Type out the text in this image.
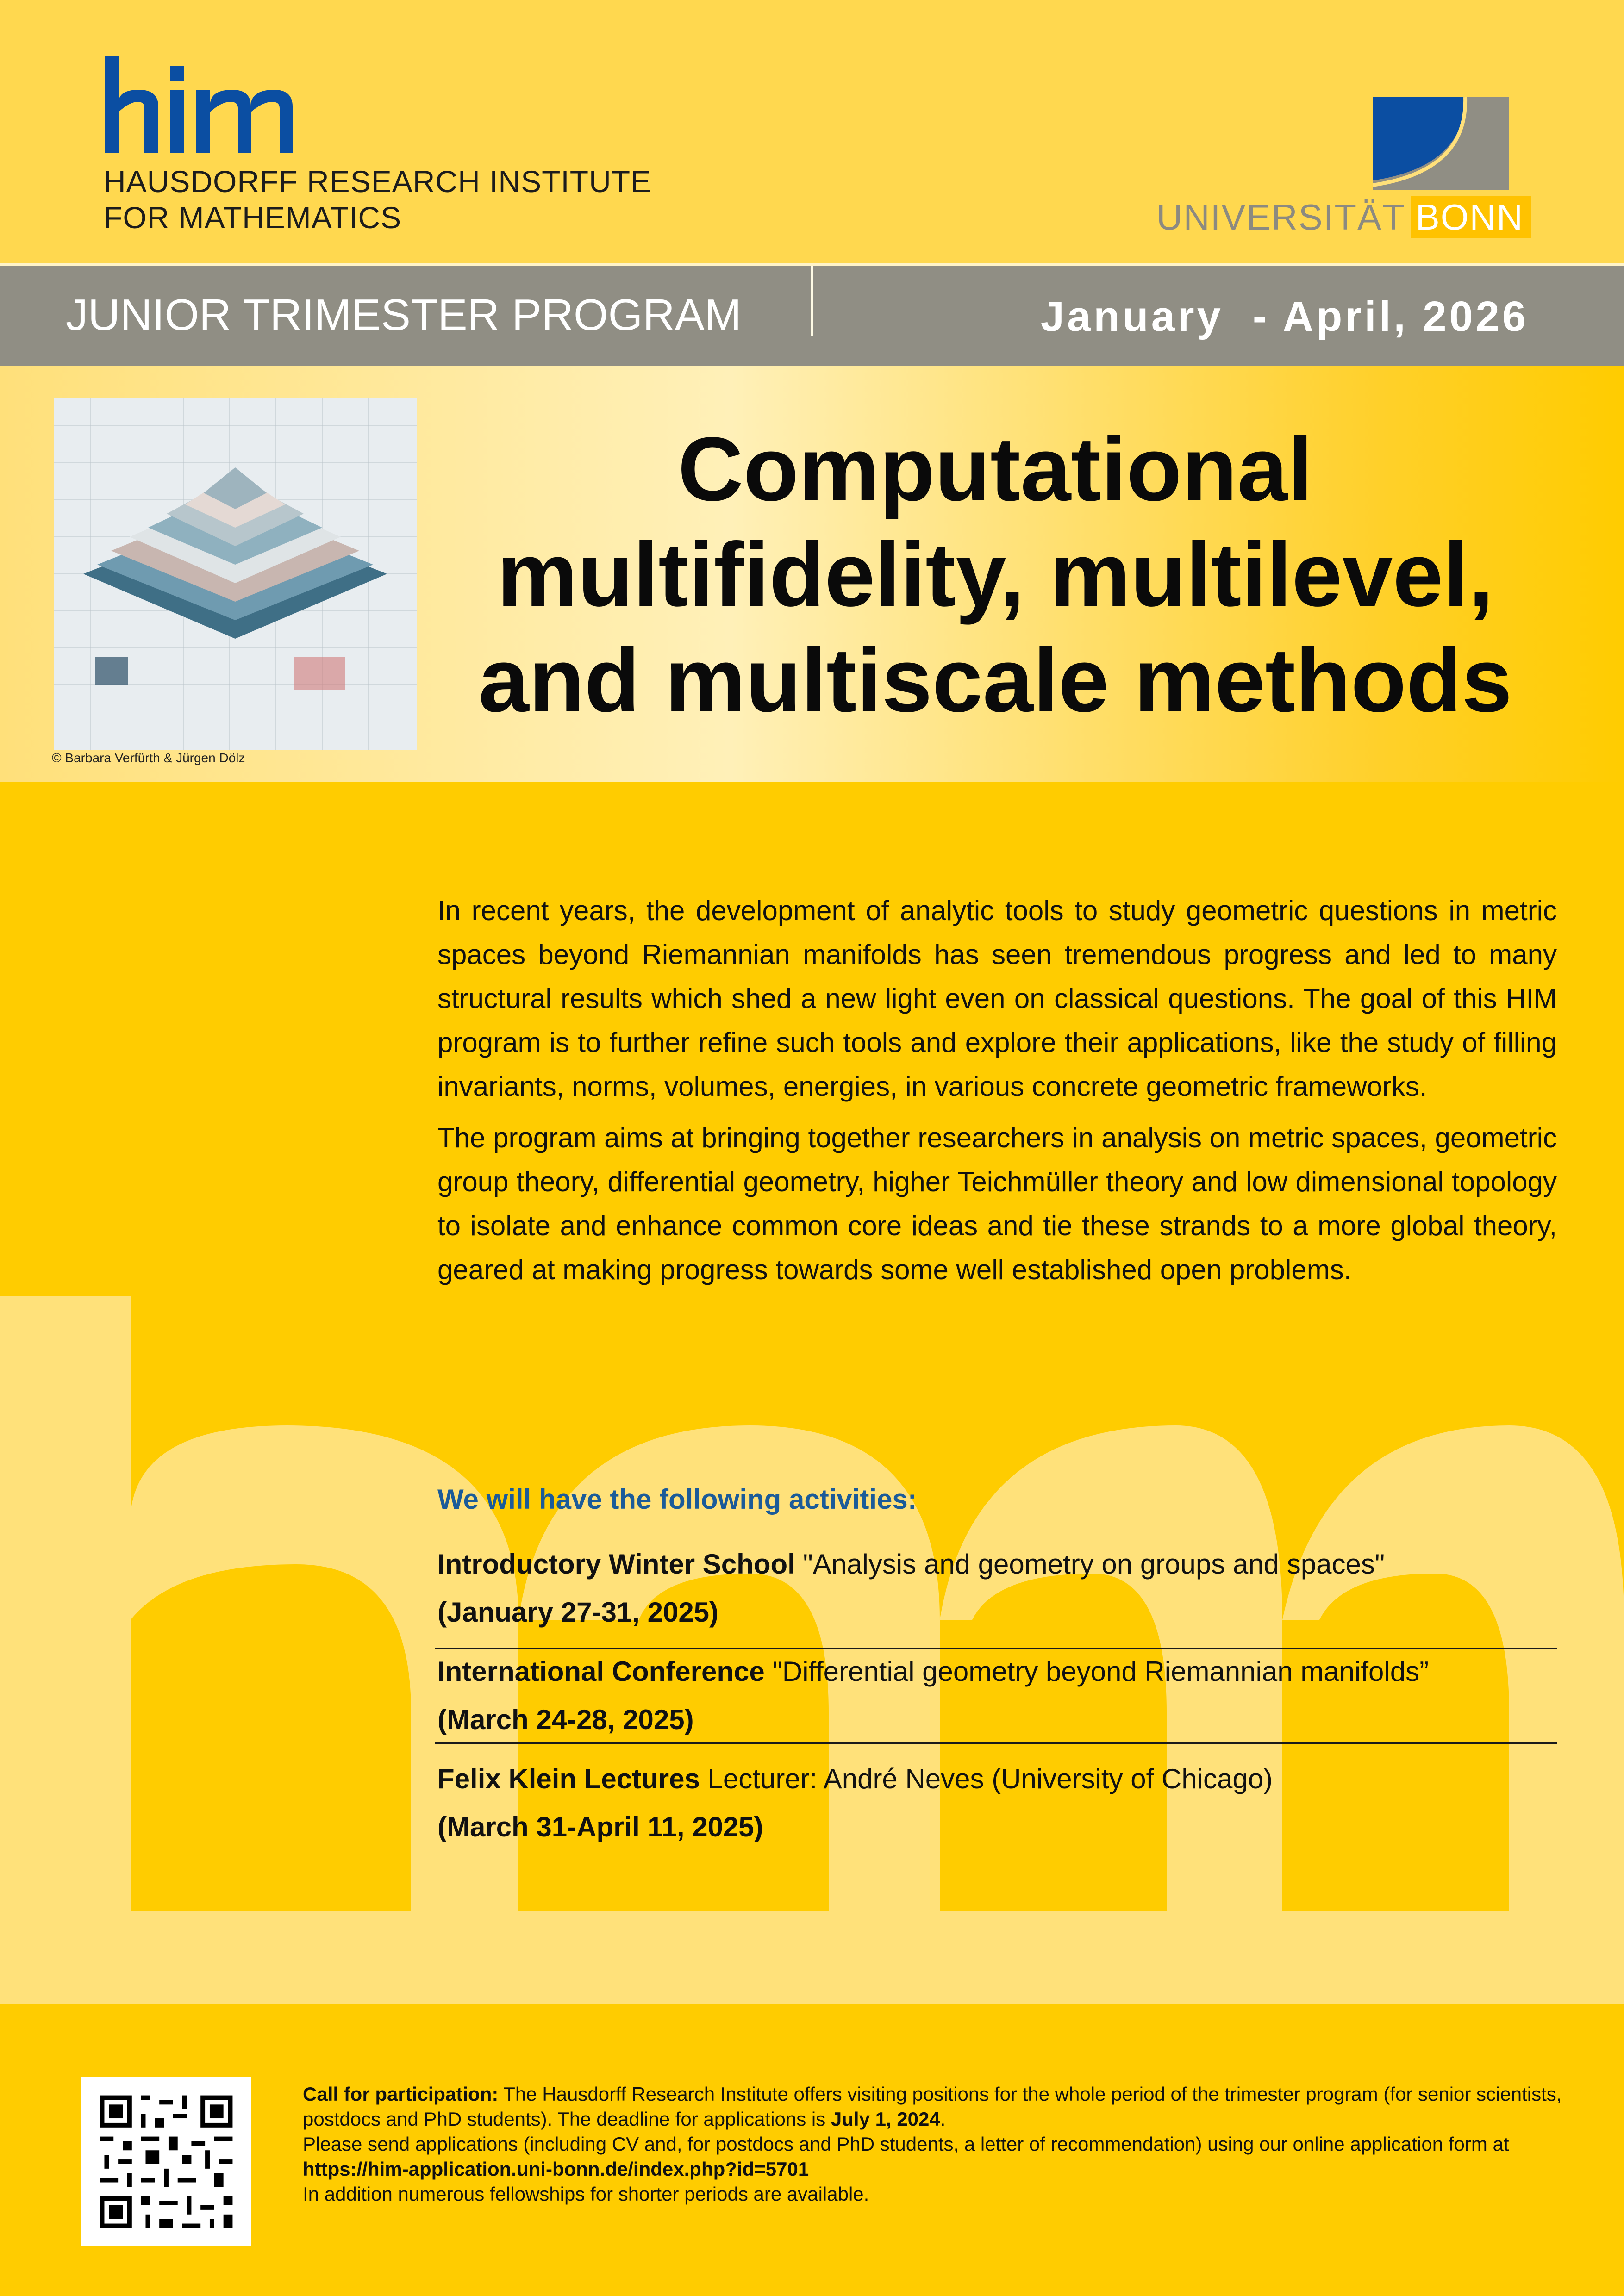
HAUSDORFF RESEARCH INSTITUTE
FOR MATHEMATICS	UNIVERSITÄT BONN
JUNIOR TRIMESTER PROGRAM	January  - April, 2026
© Barbara Verfürth & Jürgen Dölz
Computational
multifidelity, multilevel,
and multiscale methods

In recent years, the development of analytic tools to study geometric questions in metric spaces beyond Riemannian manifolds has seen tremendous progress and led to many structural results which shed a new light even on classical questions. The goal of this HIM program is to further refine such tools and explore their applications, like the study of filling invariants, norms, volumes, energies, in various concrete geometric frameworks.

The program aims at bringing together researchers in analysis on metric spaces, geometric group theory, differential geometry, higher Teichmüller theory and low dimensional topology to isolate and enhance common core ideas and tie these strands to a more global theory, geared at making progress towards some well established open problems.

We will have the following activities:
Introductory Winter School "Analysis and geometry on groups and spaces"
(January 27-31, 2025)
International Conference "Differential geometry beyond Riemannian manifolds”
(March 24-28, 2025)
Felix Klein Lectures Lecturer: André Neves (University of Chicago)
(March 31-April 11, 2025)
Call for participation: The Hausdorff Research Institute offers visiting positions for the whole period of the trimester program (for senior scientists, postdocs and PhD students). The deadline for applications is July 1, 2024.
Please send applications (including CV and, for postdocs and PhD students, a letter of recommendation) using our online application form at https://him-application.uni-bonn.de/index.php?id=5701
In addition numerous fellowships for shorter periods are available.
